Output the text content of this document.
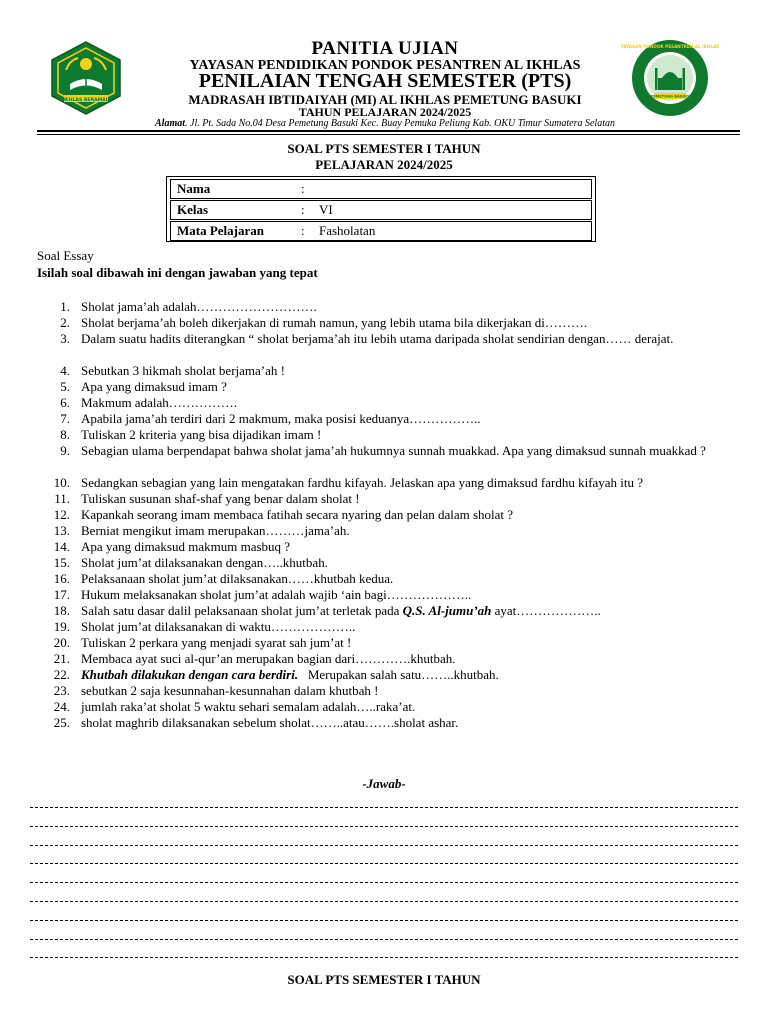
IKHLAS BERAMAL
PEMETUNG BASUKI
YAYASAN PONDOK PESANTREN AL IKHLAS
PANITIA UJIAN
YAYASAN PENDIDIKAN PONDOK PESANTREN AL IKHLAS
PENILAIAN TENGAH SEMESTER (PTS)
MADRASAH IBTIDAIYAH (MI) AL IKHLAS PEMETUNG BASUKI
TAHUN PELAJARAN 2024/2025
Alamat. Jl. Pt. Sada No.04 Desa Pemetung Basuki Kec. Buay Pemuka Peliung Kab. OKU Timur Sumatera Selatan
SOAL PTS SEMESTER I TAHUN
PELAJARAN 2024/2025
Nama	:
Kelas	: VI
Mata Pelajaran	: Fasholatan
Soal Essay
Isilah soal dibawah ini dengan jawaban yang tepat
1. Sholat jama’ah adalah……………………….
2. Sholat berjama’ah boleh dikerjakan di rumah namun, yang lebih utama bila dikerjakan di……….
3. Dalam suatu hadits diterangkan “ sholat berjama’ah itu lebih utama daripada sholat sendirian dengan…… derajat.
4. Sebutkan 3 hikmah sholat berjama’ah !
5. Apa yang dimaksud imam ?
6. Makmum adalah…………….
7. Apabila jama’ah terdiri dari 2 makmum, maka posisi keduanya……………..
8. Tuliskan 2 kriteria yang bisa dijadikan imam !
9. Sebagian ulama berpendapat bahwa sholat jama’ah hukumnya sunnah muakkad. Apa yang dimaksud sunnah muakkad ?
10. Sedangkan sebagian yang lain mengatakan fardhu kifayah. Jelaskan apa yang dimaksud fardhu kifayah itu ?
11. Tuliskan susunan shaf-shaf yang benar dalam sholat !
12. Kapankah seorang imam membaca fatihah secara nyaring dan pelan dalam sholat ?
13. Berniat mengikut imam merupakan………jama’ah.
14. Apa yang dimaksud makmum masbuq ?
15. Sholat jum’at dilaksanakan dengan…..khutbah.
16. Pelaksanaan sholat jum’at dilaksanakan……khutbah kedua.
17. Hukum melaksanakan sholat jum’at adalah wajib ‘ain bagi………………..
18. Salah satu dasar dalil pelaksanaan sholat jum’at terletak pada Q.S. Al-jumu’ah ayat………………..
19. Sholat jum’at dilaksanakan di waktu………………..
20. Tuliskan 2 perkara yang menjadi syarat sah jum’at !
21. Membaca ayat suci al-qur’an merupakan bagian dari………….khutbah.
22. Khutbah dilakukan dengan cara berdiri.   Merupakan salah satu……..khutbah.
23. sebutkan 2 saja kesunnahan-kesunnahan dalam khutbah !
24. jumlah raka’at sholat 5 waktu sehari semalam adalah…..raka’at.
25. sholat maghrib dilaksanakan sebelum sholat……..atau…….sholat ashar.
-Jawab-
SOAL PTS SEMESTER I TAHUN
